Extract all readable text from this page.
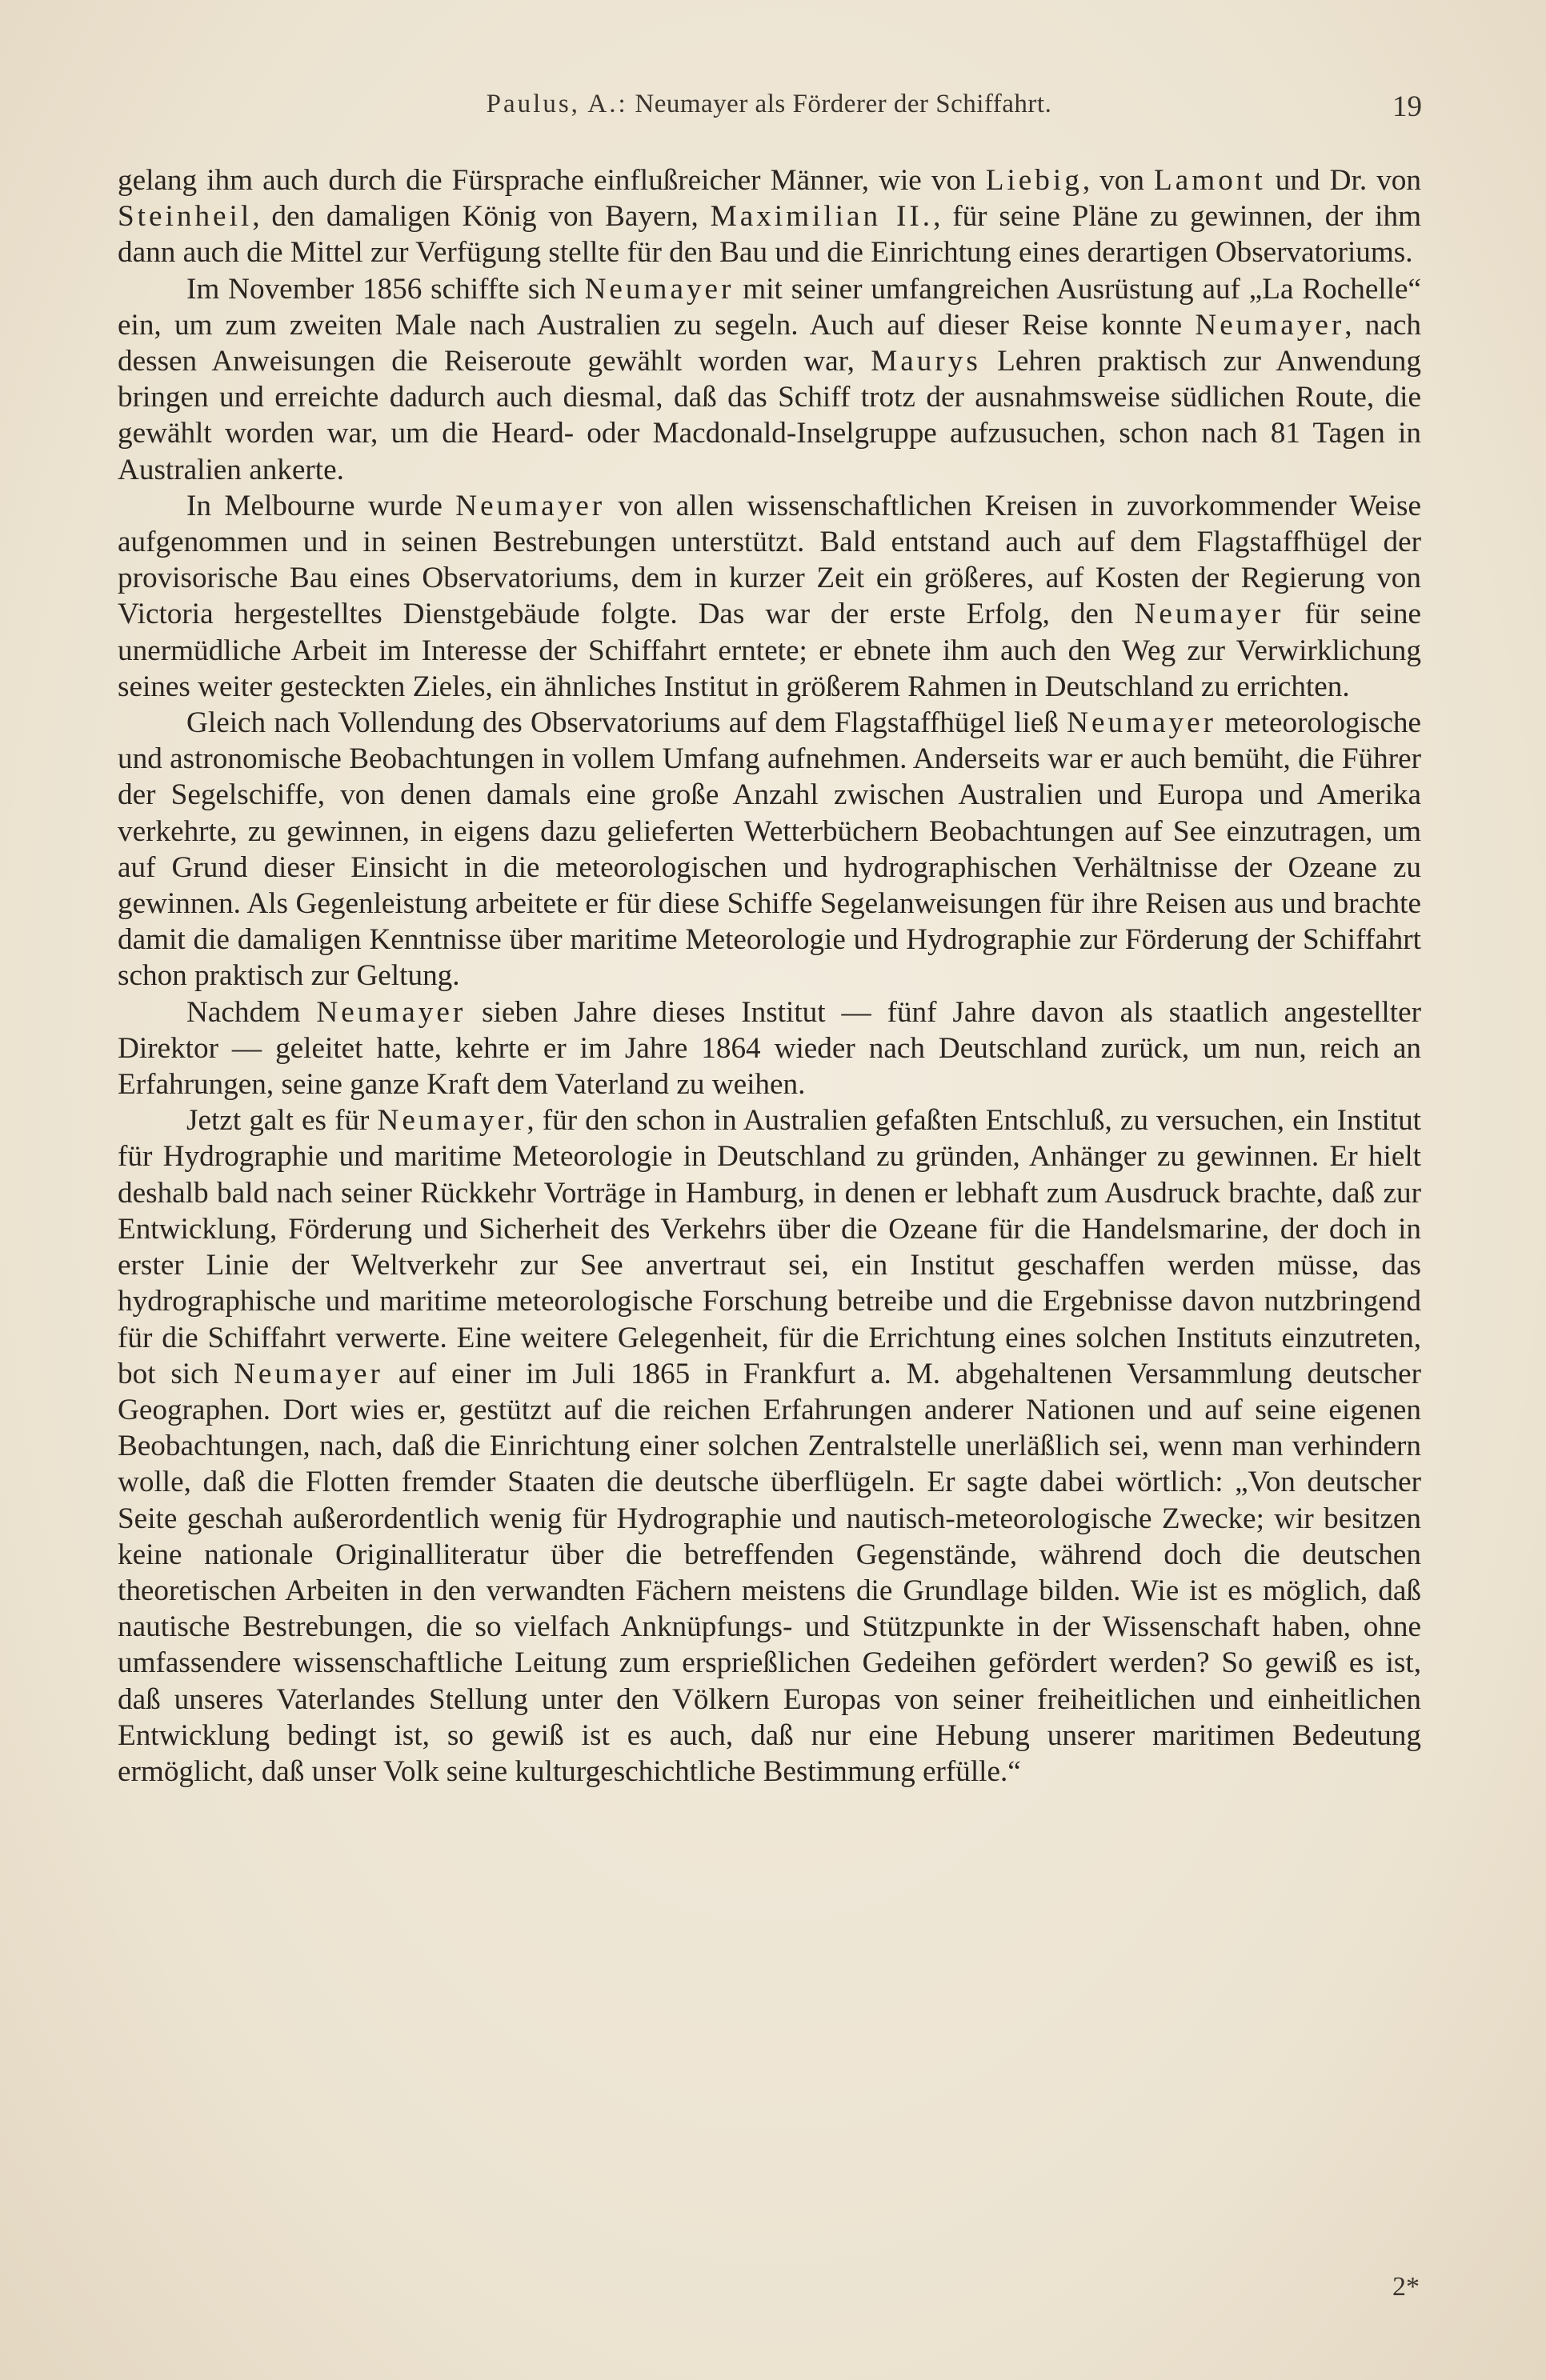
Paulus, A.: Neumayer als Förderer der Schiffahrt.	19

gelang ihm auch durch die Fürsprache einflußreicher Männer, wie von Liebig, von Lamont und Dr. von Steinheil, den damaligen König von Bayern, Maximilian II., für seine Pläne zu gewinnen, der ihm dann auch die Mittel zur Verfügung stellte für den Bau und die Einrichtung eines derartigen Observatoriums.

Im November 1856 schiffte sich Neumayer mit seiner umfangreichen Ausrüstung auf „La Rochelle“ ein, um zum zweiten Male nach Australien zu segeln. Auch auf dieser Reise konnte Neumayer, nach dessen Anweisungen die Reiseroute gewählt worden war, Maurys Lehren praktisch zur Anwendung bringen und erreichte dadurch auch diesmal, daß das Schiff trotz der ausnahmsweise südlichen Route, die gewählt worden war, um die Heard- oder Macdonald-Inselgruppe aufzusuchen, schon nach 81 Tagen in Australien ankerte.

In Melbourne wurde Neumayer von allen wissenschaftlichen Kreisen in zuvorkommender Weise aufgenommen und in seinen Bestrebungen unterstützt. Bald entstand auch auf dem Flagstaffhügel der provisorische Bau eines Observatoriums, dem in kurzer Zeit ein größeres, auf Kosten der Regierung von Victoria hergestelltes Dienstgebäude folgte. Das war der erste Erfolg, den Neumayer für seine unermüdliche Arbeit im Interesse der Schiffahrt erntete; er ebnete ihm auch den Weg zur Verwirklichung seines weiter gesteckten Zieles, ein ähnliches Institut in größerem Rahmen in Deutschland zu errichten.

Gleich nach Vollendung des Observatoriums auf dem Flagstaffhügel ließ Neumayer meteorologische und astronomische Beobachtungen in vollem Umfang aufnehmen. Anderseits war er auch bemüht, die Führer der Segelschiffe, von denen damals eine große Anzahl zwischen Australien und Europa und Amerika verkehrte, zu gewinnen, in eigens dazu gelieferten Wetterbüchern Beobachtungen auf See einzutragen, um auf Grund dieser Einsicht in die meteorologischen und hydrographischen Verhältnisse der Ozeane zu gewinnen. Als Gegenleistung arbeitete er für diese Schiffe Segelanweisungen für ihre Reisen aus und brachte damit die damaligen Kenntnisse über maritime Meteorologie und Hydrographie zur Förderung der Schiffahrt schon praktisch zur Geltung.

Nachdem Neumayer sieben Jahre dieses Institut — fünf Jahre davon als staatlich angestellter Direktor — geleitet hatte, kehrte er im Jahre 1864 wieder nach Deutschland zurück, um nun, reich an Erfahrungen, seine ganze Kraft dem Vaterland zu weihen.

Jetzt galt es für Neumayer, für den schon in Australien gefaßten Entschluß, zu versuchen, ein Institut für Hydrographie und maritime Meteorologie in Deutschland zu gründen, Anhänger zu gewinnen. Er hielt deshalb bald nach seiner Rückkehr Vorträge in Hamburg, in denen er lebhaft zum Ausdruck brachte, daß zur Entwicklung, Förderung und Sicherheit des Verkehrs über die Ozeane für die Handelsmarine, der doch in erster Linie der Weltverkehr zur See anvertraut sei, ein Institut geschaffen werden müsse, das hydrographische und maritime meteorologische Forschung betreibe und die Ergebnisse davon nutzbringend für die Schiffahrt verwerte. Eine weitere Gelegenheit, für die Errichtung eines solchen Instituts einzutreten, bot sich Neumayer auf einer im Juli 1865 in Frankfurt a. M. abgehaltenen Versammlung deutscher Geographen. Dort wies er, gestützt auf die reichen Erfahrungen anderer Nationen und auf seine eigenen Beobachtungen, nach, daß die Einrichtung einer solchen Zentralstelle unerläßlich sei, wenn man verhindern wolle, daß die Flotten fremder Staaten die deutsche überflügeln. Er sagte dabei wörtlich: „Von deutscher Seite geschah außerordentlich wenig für Hydrographie und nautisch-meteorologische Zwecke; wir besitzen keine nationale Originalliteratur über die betreffenden Gegenstände, während doch die deutschen theoretischen Arbeiten in den verwandten Fächern meistens die Grundlage bilden. Wie ist es möglich, daß nautische Bestrebungen, die so vielfach Anknüpfungs- und Stützpunkte in der Wissenschaft haben, ohne umfassendere wissenschaftliche Leitung zum ersprießlichen Gedeihen gefördert werden? So gewiß es ist, daß unseres Vaterlandes Stellung unter den Völkern Europas von seiner freiheitlichen und einheitlichen Entwicklung bedingt ist, so gewiß ist es auch, daß nur eine Hebung unserer maritimen Bedeutung ermöglicht, daß unser Volk seine kulturgeschichtliche Bestimmung erfülle.“

2*
